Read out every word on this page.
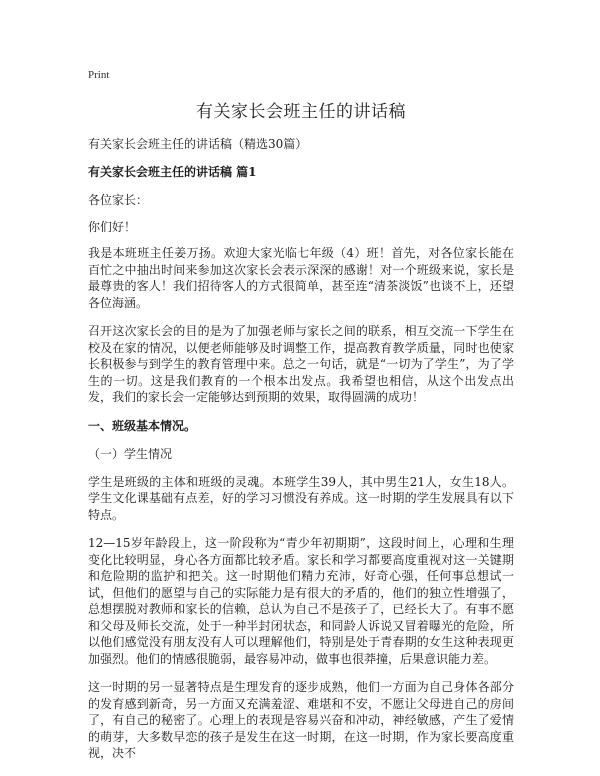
Print
有关家长会班主任的讲话稿

有关家长会班主任的讲话稿（精选30篇）

有关家长会班主任的讲话稿 篇1

各位家长：

你们好！

我是本班班主任姜万扬。欢迎大家光临七年级（4）班！首先，对各位家长能在百忙之中抽出时间来参加这次家长会表示深深的感谢！对一个班级来说，家长是最尊贵的客人！我们招待客人的方式很简单，甚至连“清茶淡饭”也谈不上，还望各位海涵。

召开这次家长会的目的是为了加强老师与家长之间的联系，相互交流一下学生在校及在家的情况，以便老师能够及时调整工作，提高教育教学质量，同时也使家长积极参与到学生的教育管理中来。总之一句话，就是“一切为了学生”，为了学生的一切。这是我们教育的一个根本出发点。我希望也相信，从这个出发点出发，我们的家长会一定能够达到预期的效果，取得圆满的成功！

一、班级基本情况。

（一）学生情况

学生是班级的主体和班级的灵魂。本班学生39人，其中男生21人，女生18人。学生文化课基础有点差，好的学习习惯没有养成。这一时期的学生发展具有以下特点。

12—15岁年龄段上，这一阶段称为“青少年初期期”，这段时间上，心理和生理变化比较明显，身心各方面都比较矛盾。家长和学习都要高度重视对这一关键期和危险期的监护和把关。这一时期他们精力充沛，好奇心强，任何事总想试一试，但他们的愿望与自己的实际能力是有很大的矛盾的，他们的独立性增强了，总想摆脱对教师和家长的信赖，总认为自己不是孩子了，已经长大了。有事不愿和父母及师长交流，处于一种半封闭状态，和同龄人诉说又冒着曝光的危险，所以他们感觉没有朋友没有人可以理解他们，特别是处于青春期的女生这种表现更加强烈。他们的情感很脆弱，最容易冲动，做事也很莽撞，后果意识能力差。

这一时期的另一显著特点是生理发育的逐步成熟，他们一方面为自己身体各部分的发育感到新奇，另一方面又充满羞涩、难堪和不安，不愿让父母进自己的房间了，有自己的秘密了。心理上的表现是容易兴奋和冲动，神经敏感，产生了爱情的萌芽，大多数早恋的孩子是发生在这一时期，在这一时期，作为家长要高度重视，决不
